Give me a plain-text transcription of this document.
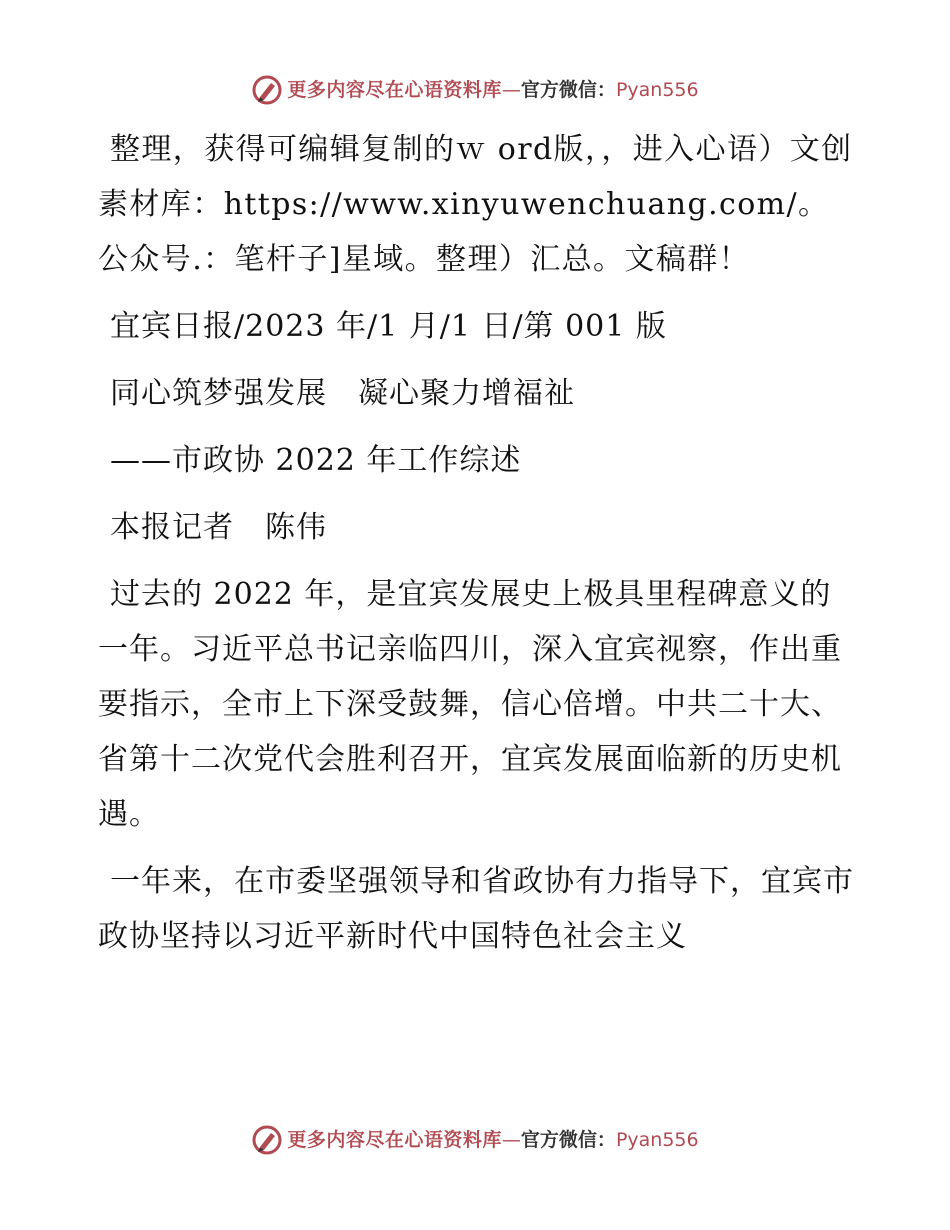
更多内容尽在心语资料库 — 官方微信 ： Pyan556

整理，获得可编辑复制的ｗ ord版，，进入心语）文创素材库：https://www.xinyuwenchuang.com/。公众号.：笔杆子]星域。整理）汇总。文稿群！

宜宾日报/2023 年/1 月/1 日/第 001 版

同心筑梦强发展　凝心聚力增福祉

——市政协 2022 年工作综述

本报记者　陈伟

过去的 2022 年，是宜宾发展史上极具里程碑意义的一年。习近平总书记亲临四川，深入宜宾视察，作出重要指示，全市上下深受鼓舞，信心倍增。中共二十大、省第十二次党代会胜利召开，宜宾发展面临新的历史机遇。

一年来，在市委坚强领导和省政协有力指导下，宜宾市政协坚持以习近平新时代中国特色社会主义

更多内容尽在心语资料库 — 官方微信 ： Pyan556
